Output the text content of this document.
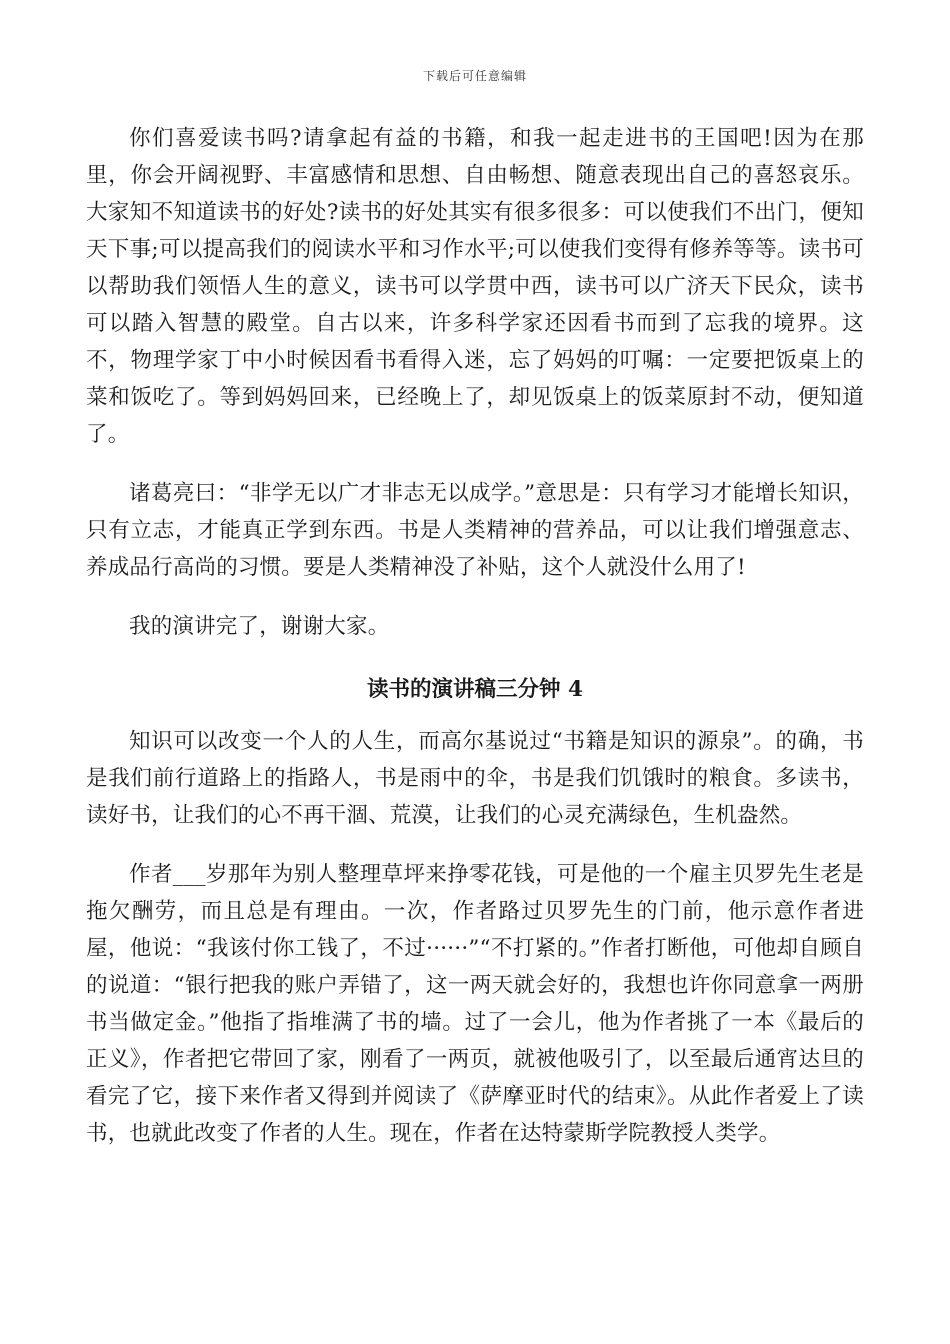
下载后可任意编辑

你们喜爱读书吗?请拿起有益的书籍，和我一起走进书的王国吧!因为在那里，你会开阔视野、丰富感情和思想、自由畅想、随意表现出自己的喜怒哀乐。大家知不知道读书的好处?读书的好处其实有很多很多：可以使我们不出门，便知天下事;可以提高我们的阅读水平和习作水平;可以使我们变得有修养等等。读书可以帮助我们领悟人生的意义，读书可以学贯中西，读书可以广济天下民众，读书可以踏入智慧的殿堂。自古以来，许多科学家还因看书而到了忘我的境界。这不，物理学家丁中小时候因看书看得入迷，忘了妈妈的叮嘱：一定要把饭桌上的菜和饭吃了。等到妈妈回来，已经晚上了，却见饭桌上的饭菜原封不动，便知道了。

诸葛亮曰：“非学无以广才非志无以成学。”意思是：只有学习才能增长知识，只有立志，才能真正学到东西。书是人类精神的营养品，可以让我们增强意志、养成品行高尚的习惯。要是人类精神没了补贴，这个人就没什么用了!

我的演讲完了，谢谢大家。

读书的演讲稿三分钟 4

知识可以改变一个人的人生，而高尔基说过“书籍是知识的源泉”。的确，书是我们前行道路上的指路人，书是雨中的伞，书是我们饥饿时的粮食。多读书，读好书，让我们的心不再干涸、荒漠，让我们的心灵充满绿色，生机盎然。

作者___岁那年为别人整理草坪来挣零花钱，可是他的一个雇主贝罗先生老是拖欠酬劳，而且总是有理由。一次，作者路过贝罗先生的门前，他示意作者进屋，他说：“我该付你工钱了，不过······”“不打紧的。”作者打断他，可他却自顾自的说道：“银行把我的账户弄错了，这一两天就会好的，我想也许你同意拿一两册书当做定金。”他指了指堆满了书的墙。过了一会儿，他为作者挑了一本《最后的正义》，作者把它带回了家，刚看了一两页，就被他吸引了，以至最后通宵达旦的看完了它，接下来作者又得到并阅读了《萨摩亚时代的结束》。从此作者爱上了读书，也就此改变了作者的人生。现在，作者在达特蒙斯学院教授人类学。
